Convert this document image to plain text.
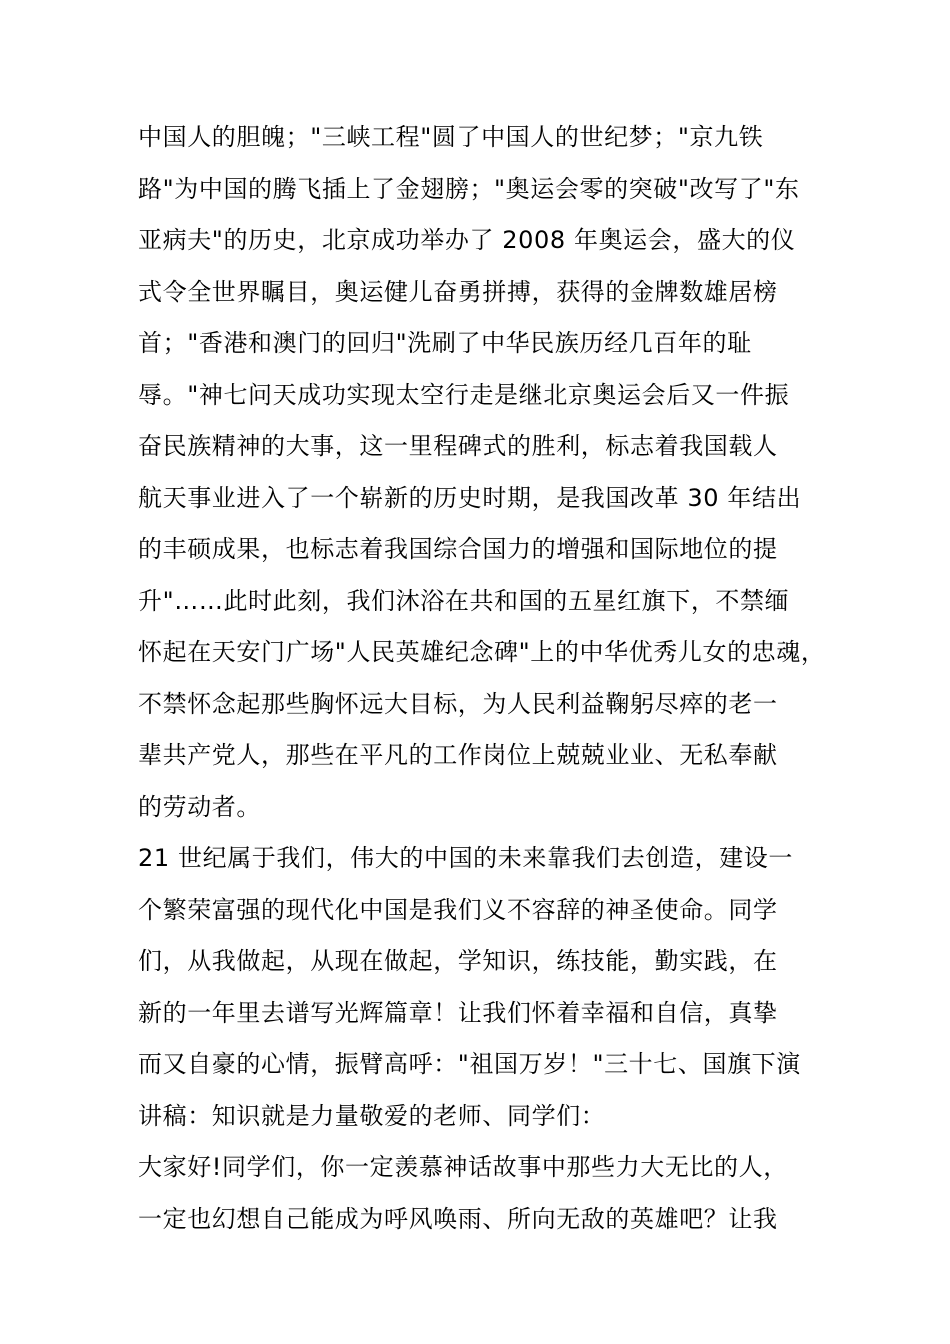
中国人的胆魄；"三峡工程"圆了中国人的世纪梦；"京九铁
路"为中国的腾飞插上了金翅膀；"奥运会零的突破"改写了"东
亚病夫"的历史，北京成功举办了 2008 年奥运会，盛大的仪
式令全世界瞩目，奥运健儿奋勇拼搏，获得的金牌数雄居榜
首；"香港和澳门的回归"洗刷了中华民族历经几百年的耻
辱。"神七问天成功实现太空行走是继北京奥运会后又一件振
奋民族精神的大事，这一里程碑式的胜利，标志着我国载人
航天事业进入了一个崭新的历史时期，是我国改革 30 年结出
的丰硕成果，也标志着我国综合国力的增强和国际地位的提
升"……此时此刻，我们沐浴在共和国的五星红旗下，不禁缅
怀起在天安门广场"人民英雄纪念碑"上的中华优秀儿女的忠魂，
不禁怀念起那些胸怀远大目标，为人民利益鞠躬尽瘁的老一
辈共产党人，那些在平凡的工作岗位上兢兢业业、无私奉献
的劳动者。
21 世纪属于我们，伟大的中国的未来靠我们去创造，建设一
个繁荣富强的现代化中国是我们义不容辞的神圣使命。同学
们，从我做起，从现在做起，学知识，练技能，勤实践，在
新的一年里去谱写光辉篇章！让我们怀着幸福和自信，真挚
而又自豪的心情，振臂高呼："祖国万岁！"三十七、国旗下演
讲稿：知识就是力量敬爱的老师、同学们：
大家好!同学们，你一定羡慕神话故事中那些力大无比的人，
一定也幻想自己能成为呼风唤雨、所向无敌的英雄吧？让我
